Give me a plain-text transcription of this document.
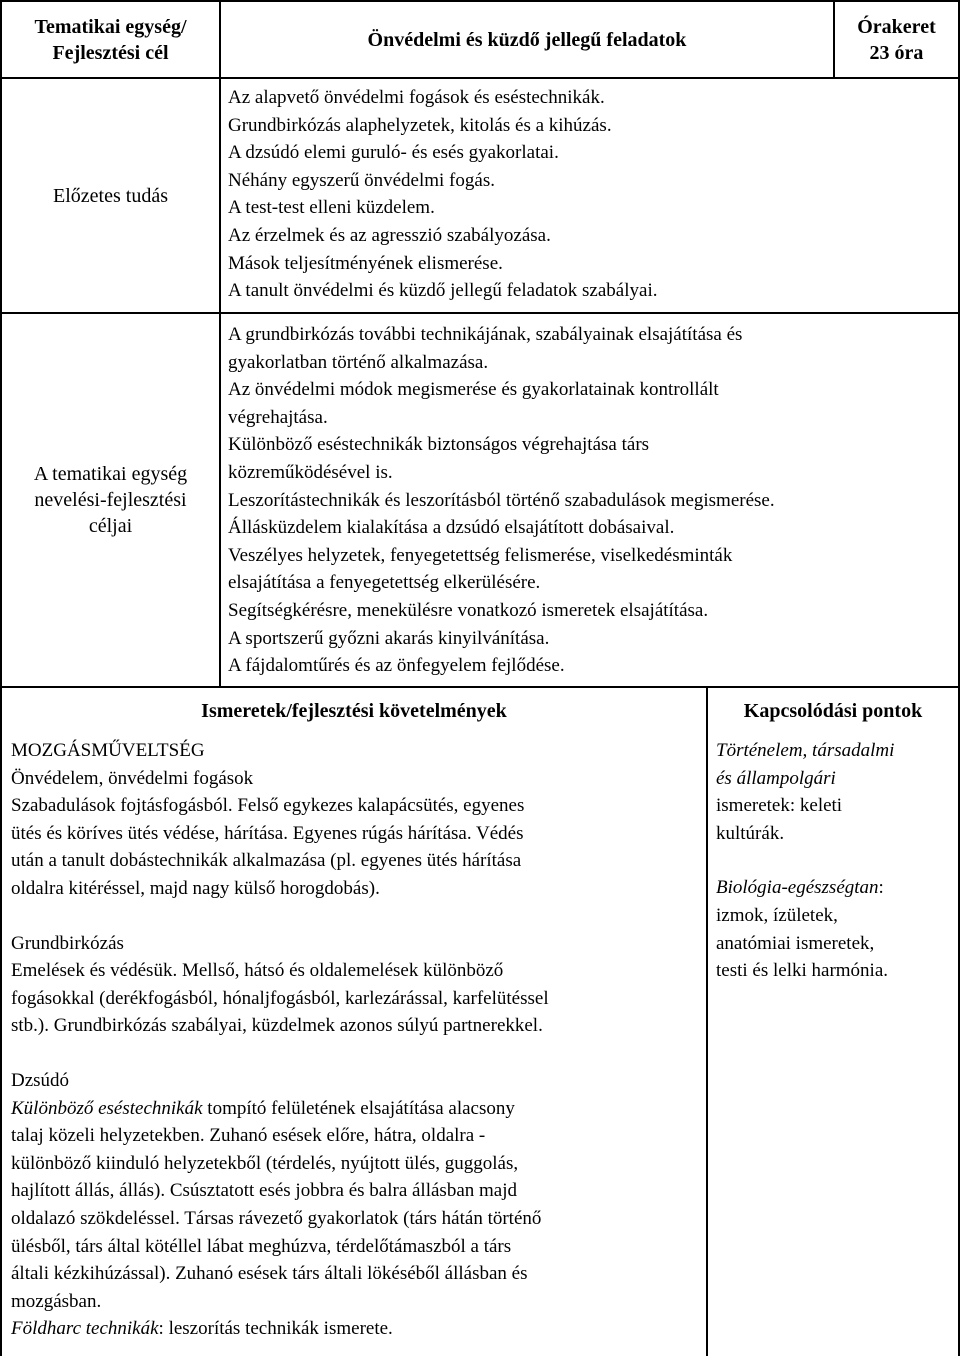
Tematikai egység/
Fejlesztési cél
Önvédelmi és küzdő jellegű feladatok
Órakeret
23 óra
Előzetes tudás
Az alapvető önvédelmi fogások és eséstechnikák.
Grundbirkózás alaphelyzetek, kitolás és a kihúzás.
A dzsúdó elemi guruló- és esés gyakorlatai.
Néhány egyszerű önvédelmi fogás.
A test-test elleni küzdelem.
Az érzelmek és az agresszió szabályozása.
Mások teljesítményének elismerése.
A tanult önvédelmi és küzdő jellegű feladatok szabályai.
A tematikai egység
nevelési-fejlesztési
céljai
A grundbirkózás további technikájának, szabályainak elsajátítása és
gyakorlatban történő alkalmazása.
Az önvédelmi módok megismerése és gyakorlatainak kontrollált
végrehajtása.
Különböző eséstechnikák biztonságos végrehajtása társ
közreműködésével is.
Leszorítástechnikák és leszorításból történő szabadulások megismerése.
Állásküzdelem kialakítása a dzsúdó elsajátított dobásaival.
Veszélyes helyzetek, fenyegetettség felismerése, viselkedésminták
elsajátítása a fenyegetettség elkerülésére.
Segítségkérésre, menekülésre vonatkozó ismeretek elsajátítása.
A sportszerű győzni akarás kinyilvánítása.
A fájdalomtűrés és az önfegyelem fejlődése.
Ismeretek/fejlesztési követelmények
MOZGÁSMŰVELTSÉG
Önvédelem, önvédelmi fogások
Szabadulások fojtásfogásból. Felső egykezes kalapácsütés, egyenes
ütés és köríves ütés védése, hárítása. Egyenes rúgás hárítása. Védés
után a tanult dobástechnikák alkalmazása (pl. egyenes ütés hárítása
oldalra kitéréssel, majd nagy külső horogdobás).
Grundbirkózás
Emelések és védésük. Mellső, hátsó és oldalemelések különböző
fogásokkal (derékfogásból, hónaljfogásból, karlezárással, karfelütéssel
stb.). Grundbirkózás szabályai, küzdelmek azonos súlyú partnerekkel.
Dzsúdó
Különböző eséstechnikák tompító felületének elsajátítása alacsony
talaj közeli helyzetekben. Zuhanó esések előre, hátra, oldalra -
különböző kiinduló helyzetekből (térdelés, nyújtott ülés, guggolás,
hajlított állás, állás). Csúsztatott esés jobbra és balra állásban majd
oldalazó szökdeléssel. Társas rávezető gyakorlatok (társ hátán történő
ülésből, társ által kötéllel lábat meghúzva, térdelőtámaszból a társ
általi kézkihúzással). Zuhanó esések társ általi lökéséből állásban és
mozgásban.
Földharc technikák: leszorítás technikák ismerete.
Kapcsolódási pontok
Történelem, társadalmi
és állampolgári
ismeretek: keleti
kultúrák.
Biológia-egészségtan:
izmok, ízületek,
anatómiai ismeretek,
testi és lelki harmónia.
